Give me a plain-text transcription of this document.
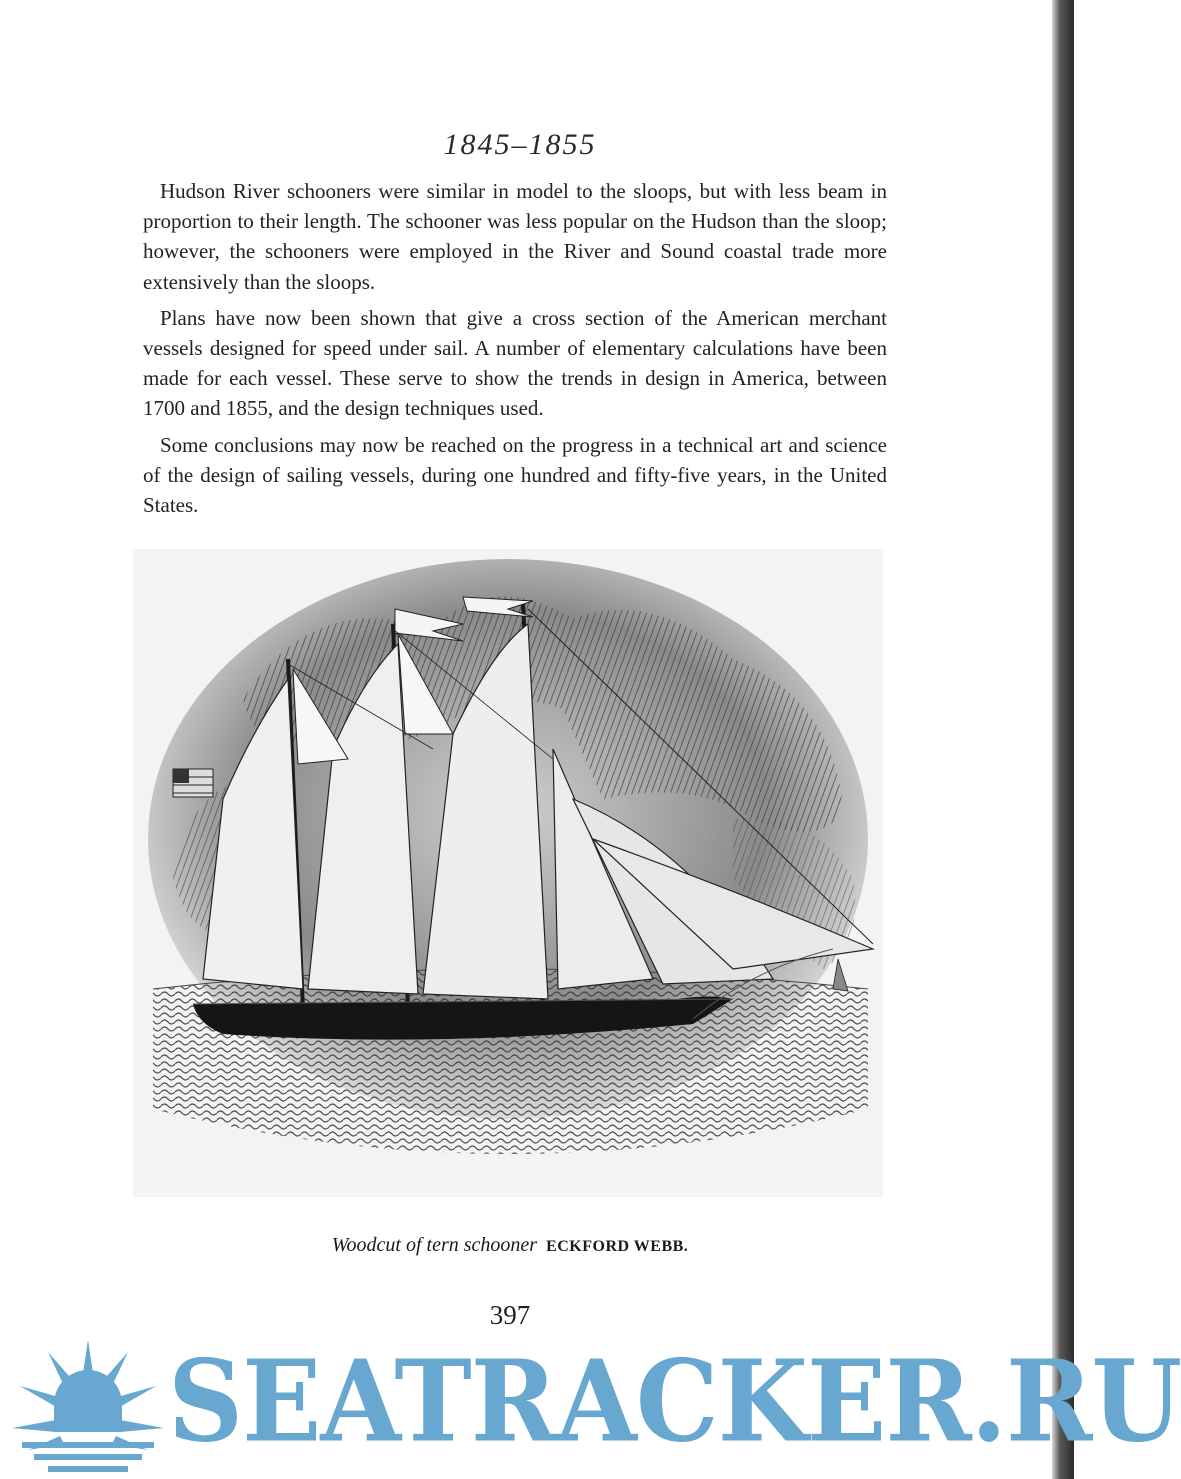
1845–1855

Hudson River schooners were similar in model to the sloops, but with less beam in proportion to their length. The schooner was less popular on the Hudson than the sloop; however, the schooners were employed in the River and Sound coastal trade more extensively than the sloops.

Plans have now been shown that give a cross section of the American merchant vessels designed for speed under sail. A number of elementary calculations have been made for each vessel. These serve to show the trends in design in America, between 1700 and 1855, and the design techniques used.

Some conclusions may now be reached on the progress in a technical art and science of the design of sailing vessels, during one hundred and fifty-five years, in the United States.

Woodcut of tern schooner ECKFORD WEBB.
397
SEATRACKER.RU
